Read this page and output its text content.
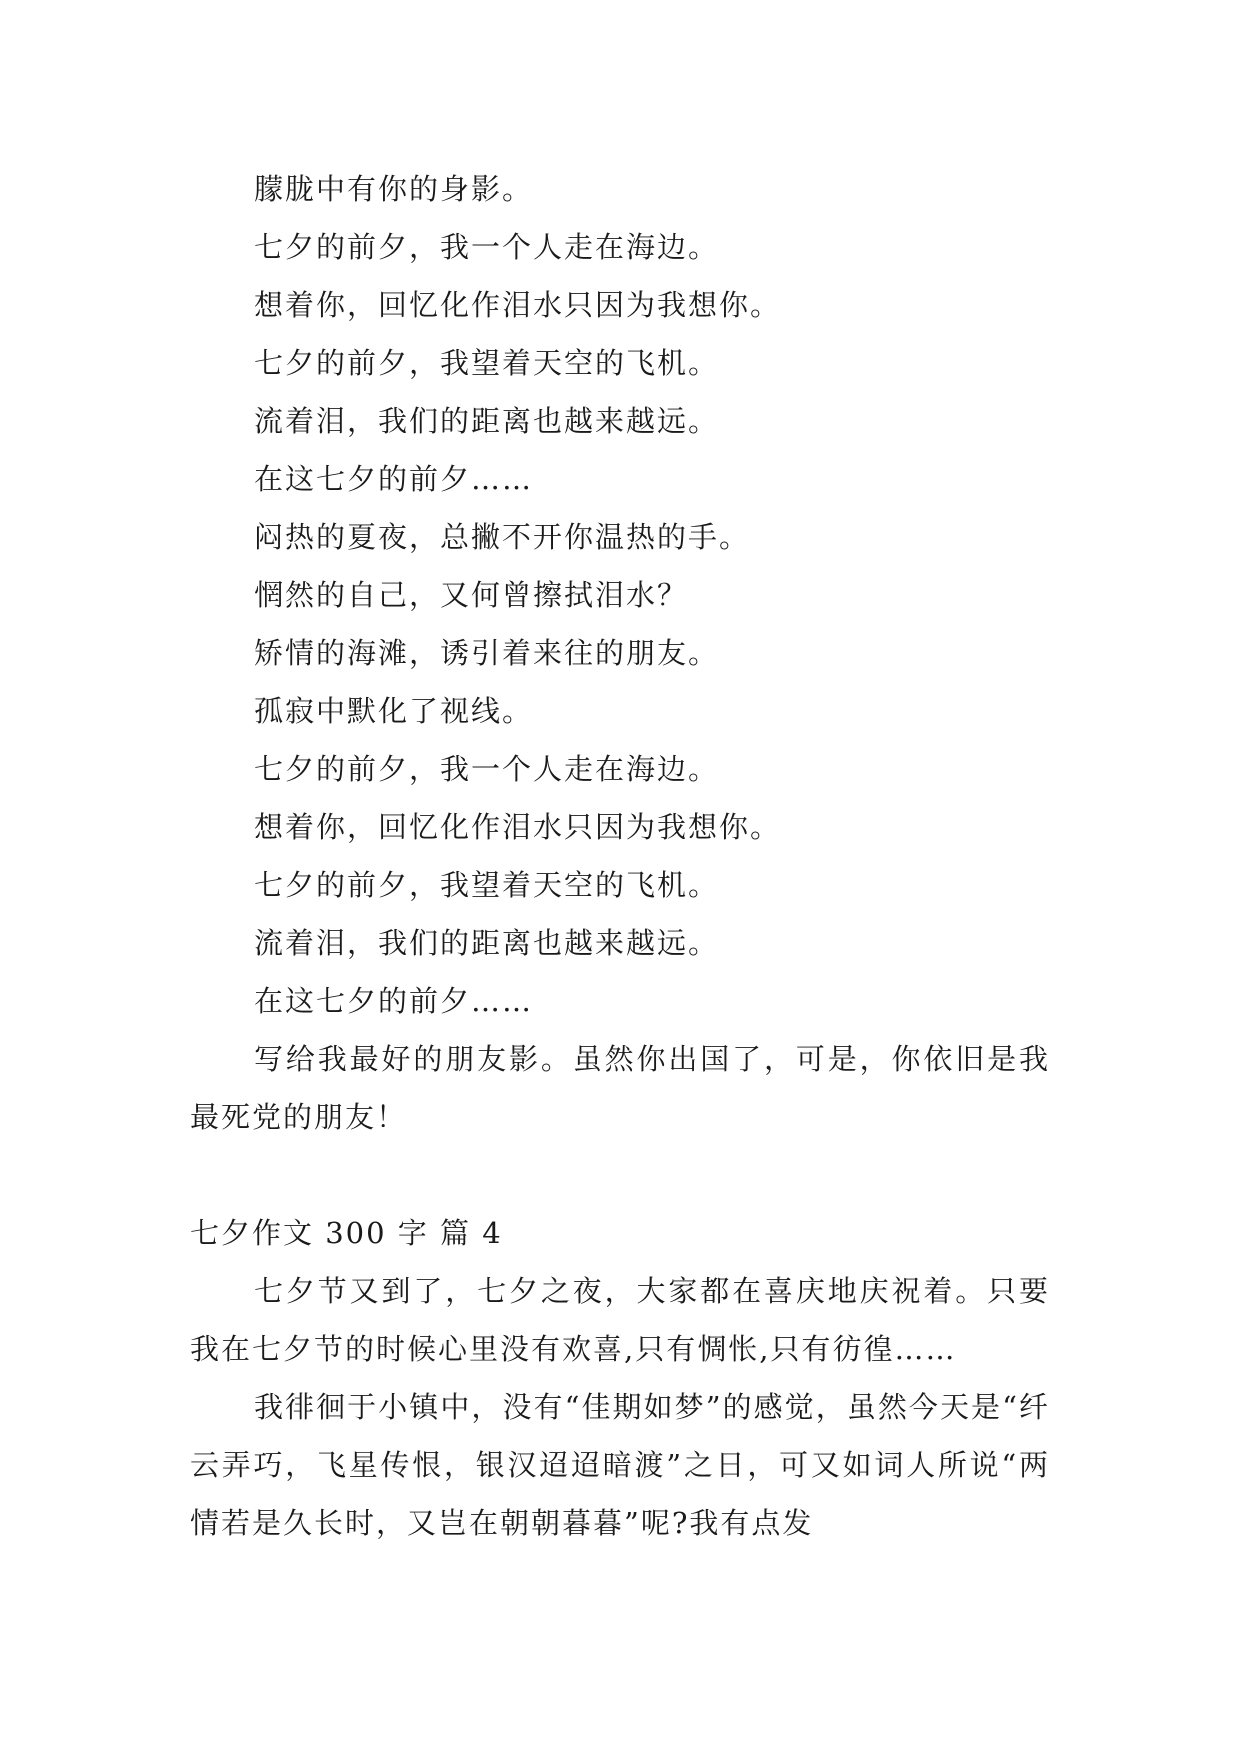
朦胧中有你的身影。
七夕的前夕，我一个人走在海边。
想着你，回忆化作泪水只因为我想你。
七夕的前夕，我望着天空的飞机。
流着泪，我们的距离也越来越远。
在这七夕的前夕……
闷热的夏夜，总撇不开你温热的手。
惘然的自己，又何曾擦拭泪水？
矫情的海滩，诱引着来往的朋友。
孤寂中默化了视线。
七夕的前夕，我一个人走在海边。
想着你，回忆化作泪水只因为我想你。
七夕的前夕，我望着天空的飞机。
流着泪，我们的距离也越来越远。
在这七夕的前夕……
写给我最好的朋友影。虽然你出国了，可是，你依旧是我最死党的朋友！
七夕作文 300 字 篇 4
七夕节又到了，七夕之夜，大家都在喜庆地庆祝着。只要我在七夕节的时候心里没有欢喜,只有惆怅,只有彷徨……
我徘徊于小镇中，没有“佳期如梦”的感觉，虽然今天是“纤云弄巧，飞星传恨，银汉迢迢暗渡”之日，可又如词人所说“两情若是久长时，又岂在朝朝暮暮”呢?我有点发
